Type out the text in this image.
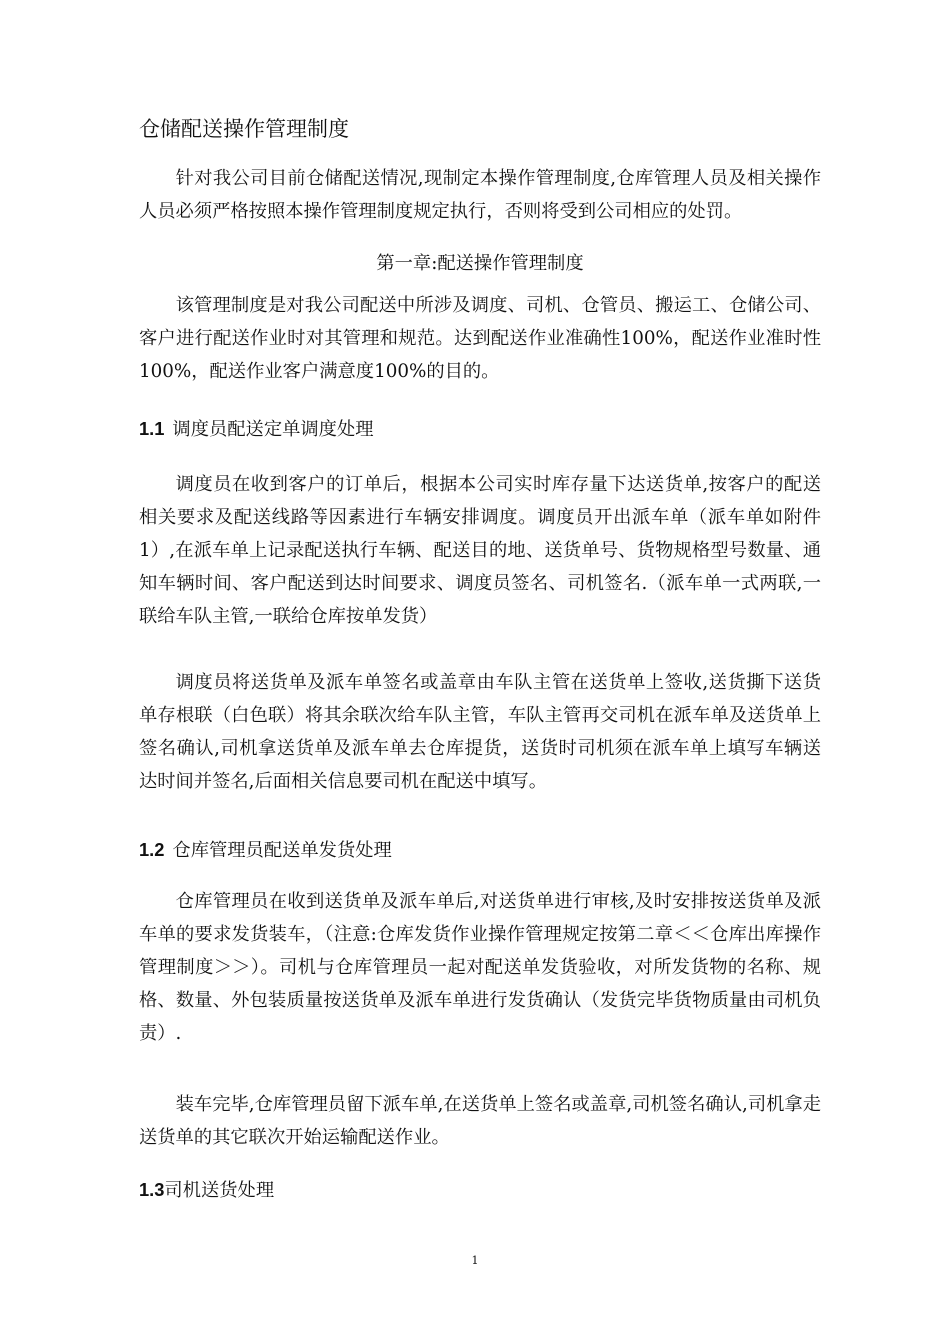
仓储配送操作管理制度
针对我公司目前仓储配送情况,现制定本操作管理制度,仓库管理人员及相关操作人员必须严格按照本操作管理制度规定执行，否则将受到公司相应的处罚。
第一章:配送操作管理制度
该管理制度是对我公司配送中所涉及调度、司机、仓管员、搬运工、仓储公司、客户进行配送作业时对其管理和规范。达到配送作业准确性100%，配送作业准时性100%，配送作业客户满意度100%的目的。
1.1 调度员配送定单调度处理
调度员在收到客户的订单后，根据本公司实时库存量下达送货单,按客户的配送相关要求及配送线路等因素进行车辆安排调度。调度员开出派车单（派车单如附件1）,在派车单上记录配送执行车辆、配送目的地、送货单号、货物规格型号数量、通知车辆时间、客户配送到达时间要求、调度员签名、司机签名.（派车单一式两联,一联给车队主管,一联给仓库按单发货）
调度员将送货单及派车单签名或盖章由车队主管在送货单上签收,送货撕下送货单存根联（白色联）将其余联次给车队主管，车队主管再交司机在派车单及送货单上签名确认,司机拿送货单及派车单去仓库提货，送货时司机须在派车单上填写车辆送达时间并签名,后面相关信息要司机在配送中填写。
1.2 仓库管理员配送单发货处理
仓库管理员在收到送货单及派车单后,对送货单进行审核,及时安排按送货单及派车单的要求发货装车，（注意:仓库发货作业操作管理规定按第二章＜＜仓库出库操作管理制度＞＞）。司机与仓库管理员一起对配送单发货验收，对所发货物的名称、规格、数量、外包装质量按送货单及派车单进行发货确认（发货完毕货物质量由司机负责）.
装车完毕,仓库管理员留下派车单,在送货单上签名或盖章,司机签名确认,司机拿走送货单的其它联次开始运输配送作业。
1.3司机送货处理
1
